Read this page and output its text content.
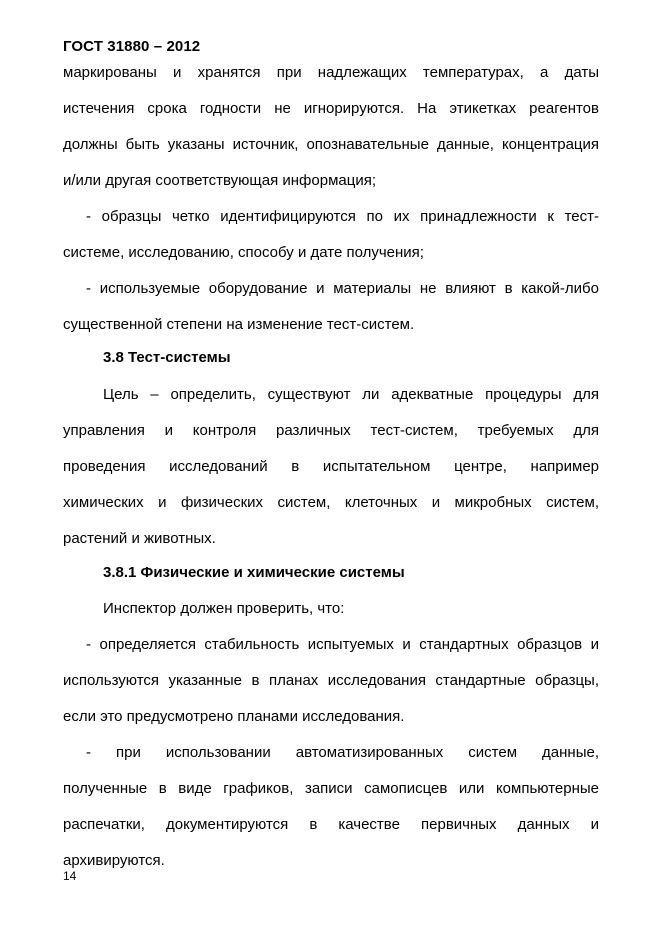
ГОСТ 31880 – 2012
маркированы и хранятся при надлежащих температурах, а даты
истечения срока годности не игнорируются. На этикетках реагентов
должны быть указаны источник, опознавательные данные, концентрация
и/или другая соответствующая информация;
- образцы четко идентифицируются по их принадлежности к тест-
системе, исследованию, способу и дате получения;
- используемые оборудование и материалы не влияют в какой-либо
существенной степени на изменение тест-систем.
3.8 Тест-системы
Цель – определить, существуют ли адекватные процедуры для
управления и контроля различных тест-систем, требуемых для
проведения исследований в испытательном центре, например
химических и физических систем, клеточных и микробных систем,
растений и животных.
3.8.1 Физические и химические системы
Инспектор должен проверить, что:
- определяется стабильность испытуемых и стандартных образцов и
используются указанные в планах исследования стандартные образцы,
если это предусмотрено планами исследования.
- при использовании автоматизированных систем данные,
полученные в виде графиков, записи самописцев или компьютерные
распечатки, документируются в качестве первичных данных и
архивируются.
14
